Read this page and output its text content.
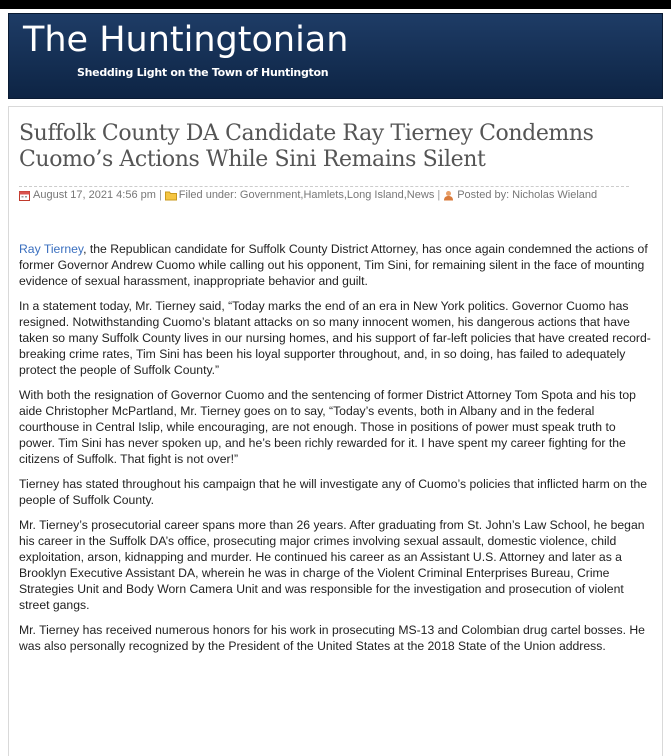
The Huntingtonian
Shedding Light on the Town of Huntington
Suffolk County DA Candidate Ray Tierney Condemns Cuomo’s Actions While Sini Remains Silent
August 17, 2021 4:56 pm | Filed under: Government,Hamlets,Long Island,News | Posted by: Nicholas Wieland

Ray Tierney, the Republican candidate for Suffolk County District Attorney, has once again condemned the actions of former Governor Andrew Cuomo while calling out his opponent, Tim Sini, for remaining silent in the face of mounting evidence of sexual harassment, inappropriate behavior and guilt.

In a statement today, Mr. Tierney said, “Today marks the end of an era in New York politics. Governor Cuomo has resigned. Notwithstanding Cuomo’s blatant attacks on so many innocent women, his dangerous actions that have taken so many Suffolk County lives in our nursing homes, and his support of far-left policies that have created record-breaking crime rates, Tim Sini has been his loyal supporter throughout, and, in so doing, has failed to adequately protect the people of Suffolk County.”

With both the resignation of Governor Cuomo and the sentencing of former District Attorney Tom Spota and his top aide Christopher McPartland, Mr. Tierney goes on to say, “Today’s events, both in Albany and in the federal courthouse in Central Islip, while encouraging, are not enough. Those in positions of power must speak truth to power. Tim Sini has never spoken up, and he’s been richly rewarded for it. I have spent my career fighting for the citizens of Suffolk. That fight is not over!”

Tierney has stated throughout his campaign that he will investigate any of Cuomo’s policies that inflicted harm on the people of Suffolk County.

Mr. Tierney’s prosecutorial career spans more than 26 years. After graduating from St. John’s Law School, he began his career in the Suffolk DA’s office, prosecuting major crimes involving sexual assault, domestic violence, child exploitation, arson, kidnapping and murder. He continued his career as an Assistant U.S. Attorney and later as a Brooklyn Executive Assistant DA, wherein he was in charge of the Violent Criminal Enterprises Bureau, Crime Strategies Unit and Body Worn Camera Unit and was responsible for the investigation and prosecution of violent street gangs.

Mr. Tierney has received numerous honors for his work in prosecuting MS-13 and Colombian drug cartel bosses. He was also personally recognized by the President of the United States at the 2018 State of the Union address.
